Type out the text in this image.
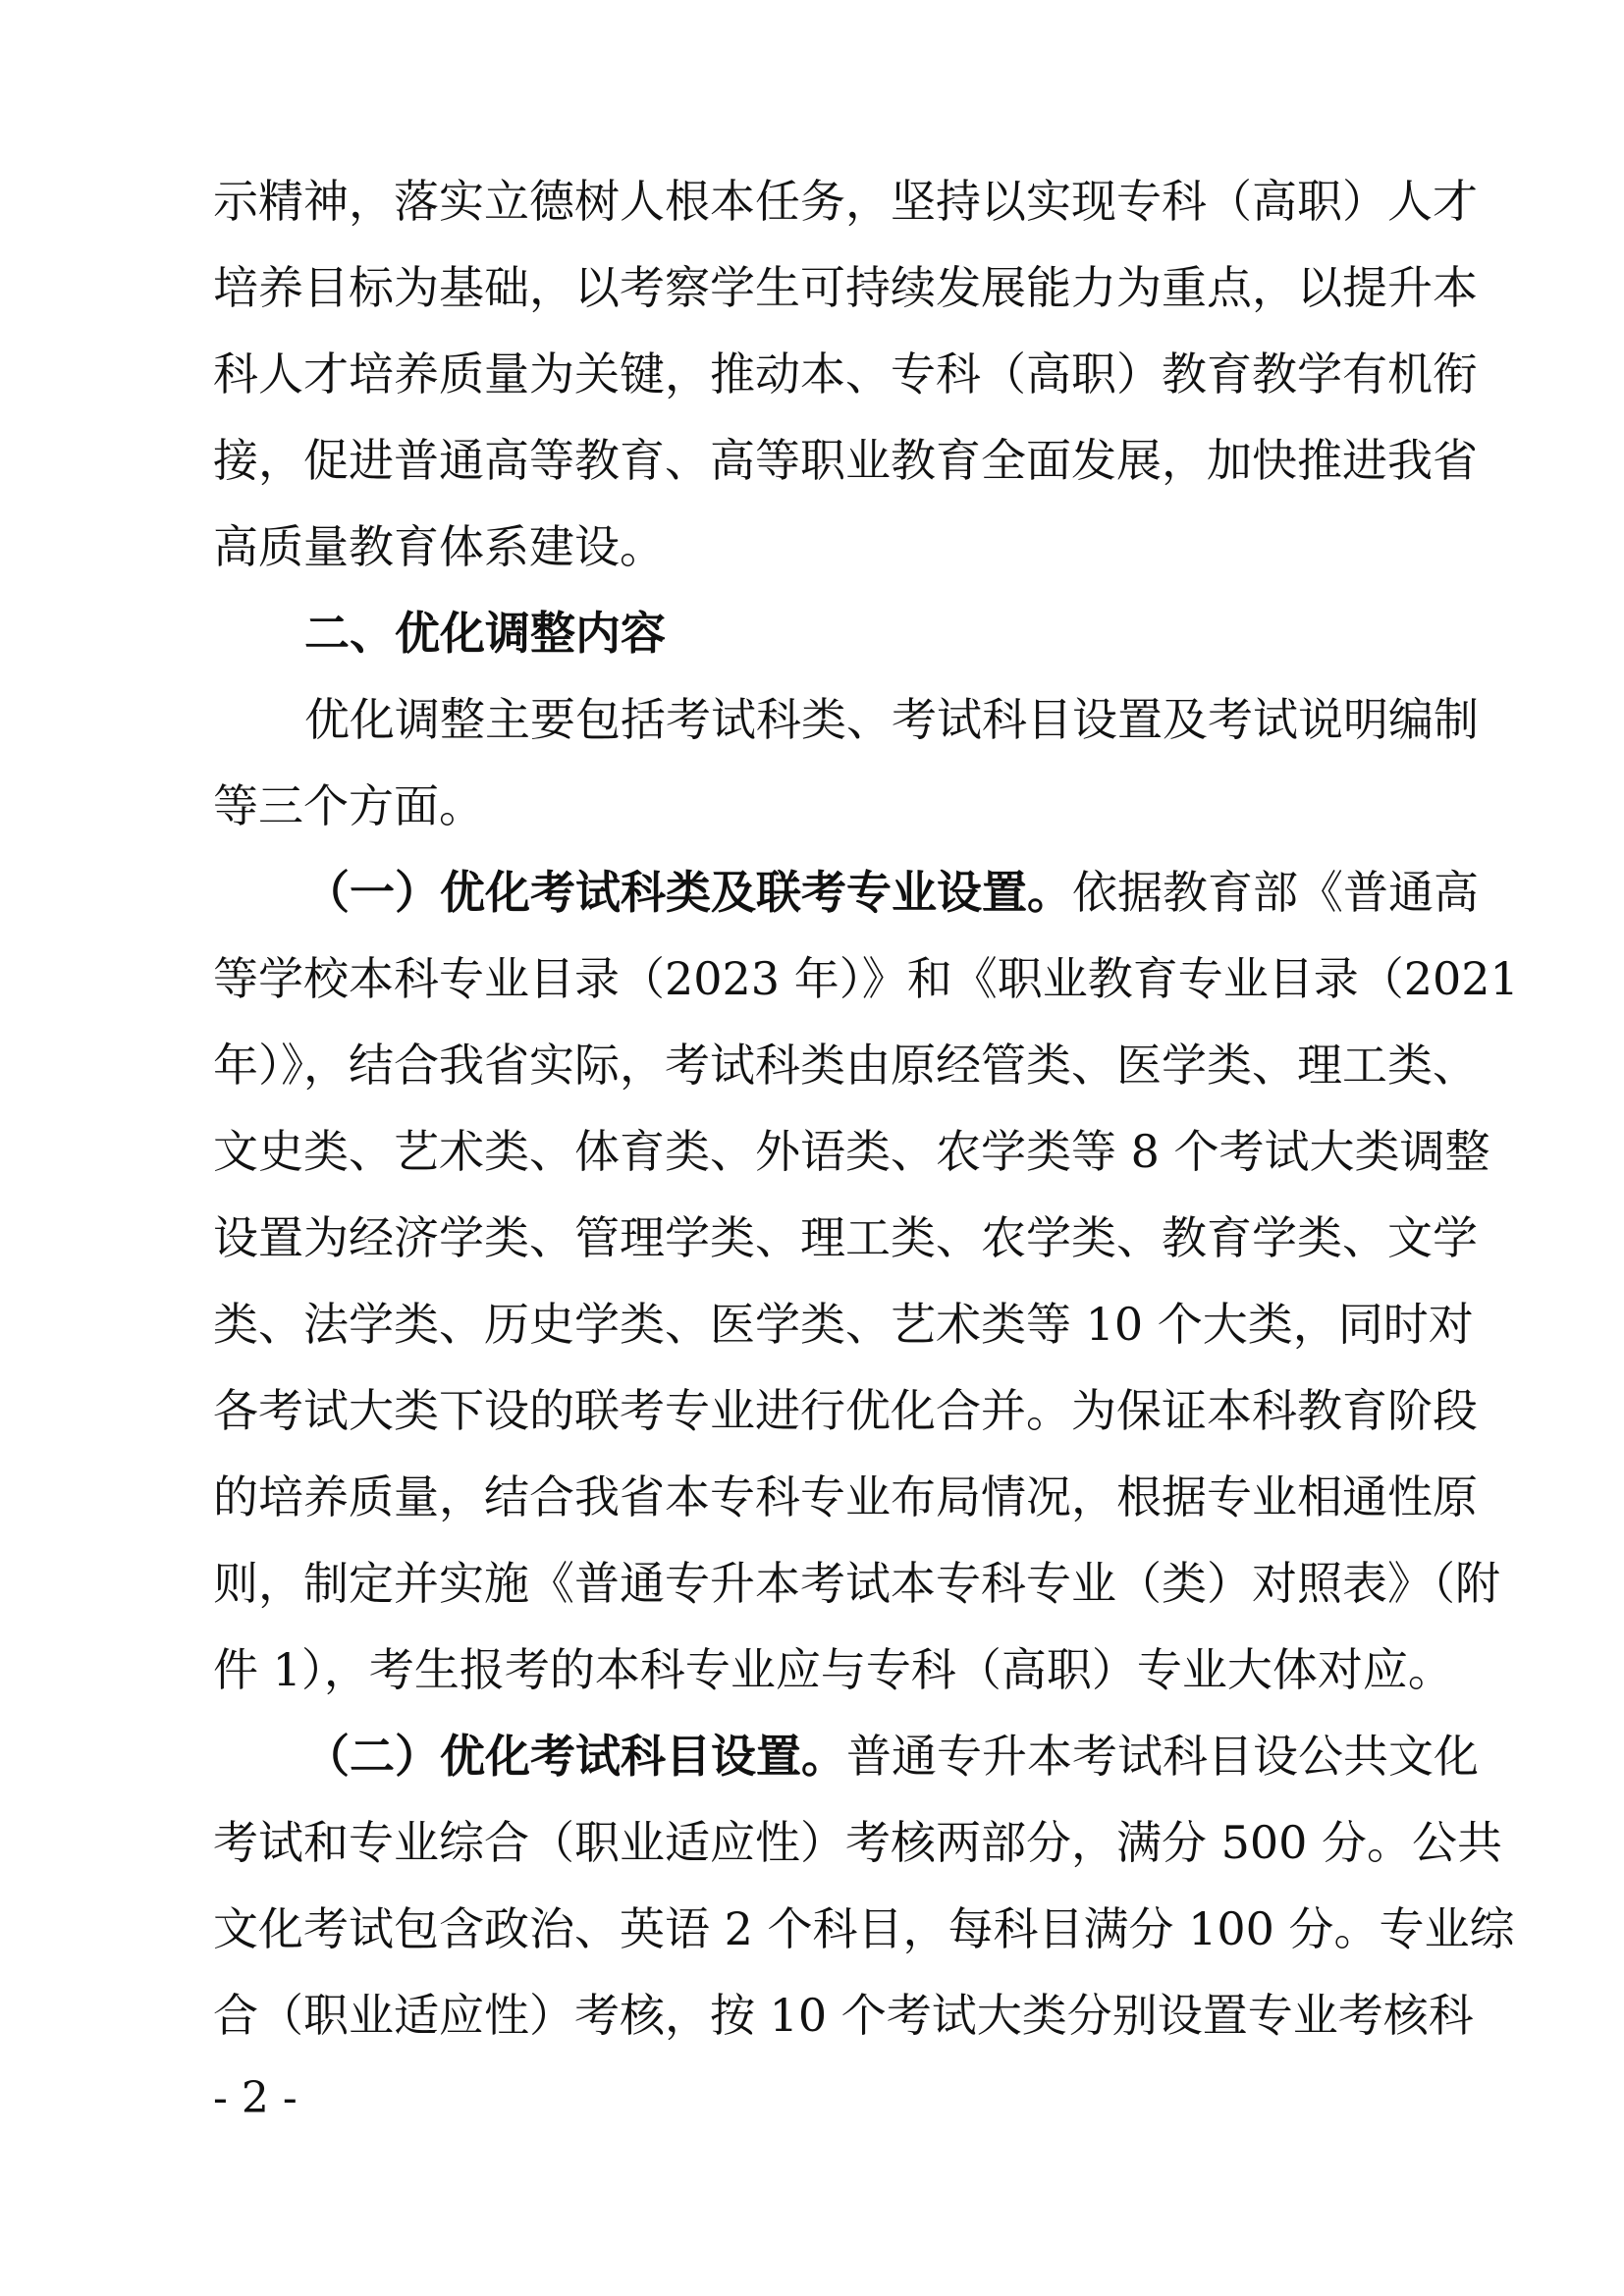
示精神，落实立德树人根本任务，坚持以实现专科（高职）人才
培养目标为基础，以考察学生可持续发展能力为重点，以提升本
科人才培养质量为关键，推动本、专科（高职）教育教学有机衔
接，促进普通高等教育、高等职业教育全面发展，加快推进我省
高质量教育体系建设。
二、优化调整内容
优化调整主要包括考试科类、考试科目设置及考试说明编制
等三个方面。
（一）优化考试科类及联考专业设置。依据教育部《普通高
等学校本科专业目录（2023 年）》和《职业教育专业目录（2021
年）》，结合我省实际，考试科类由原经管类、医学类、理工类、
文史类、艺术类、体育类、外语类、农学类等 8 个考试大类调整
设置为经济学类、管理学类、理工类、农学类、教育学类、文学
类、法学类、历史学类、医学类、艺术类等 10 个大类，同时对
各考试大类下设的联考专业进行优化合并。为保证本科教育阶段
的培养质量，结合我省本专科专业布局情况，根据专业相通性原
则，制定并实施《普通专升本考试本专科专业（类）对照表》（附
件 1），考生报考的本科专业应与专科（高职）专业大体对应。
（二）优化考试科目设置。普通专升本考试科目设公共文化
考试和专业综合（职业适应性）考核两部分，满分 500 分。公共
文化考试包含政治、英语 2 个科目，每科目满分 100 分。专业综
合（职业适应性）考核，按 10 个考试大类分别设置专业考核科
- 2 -
